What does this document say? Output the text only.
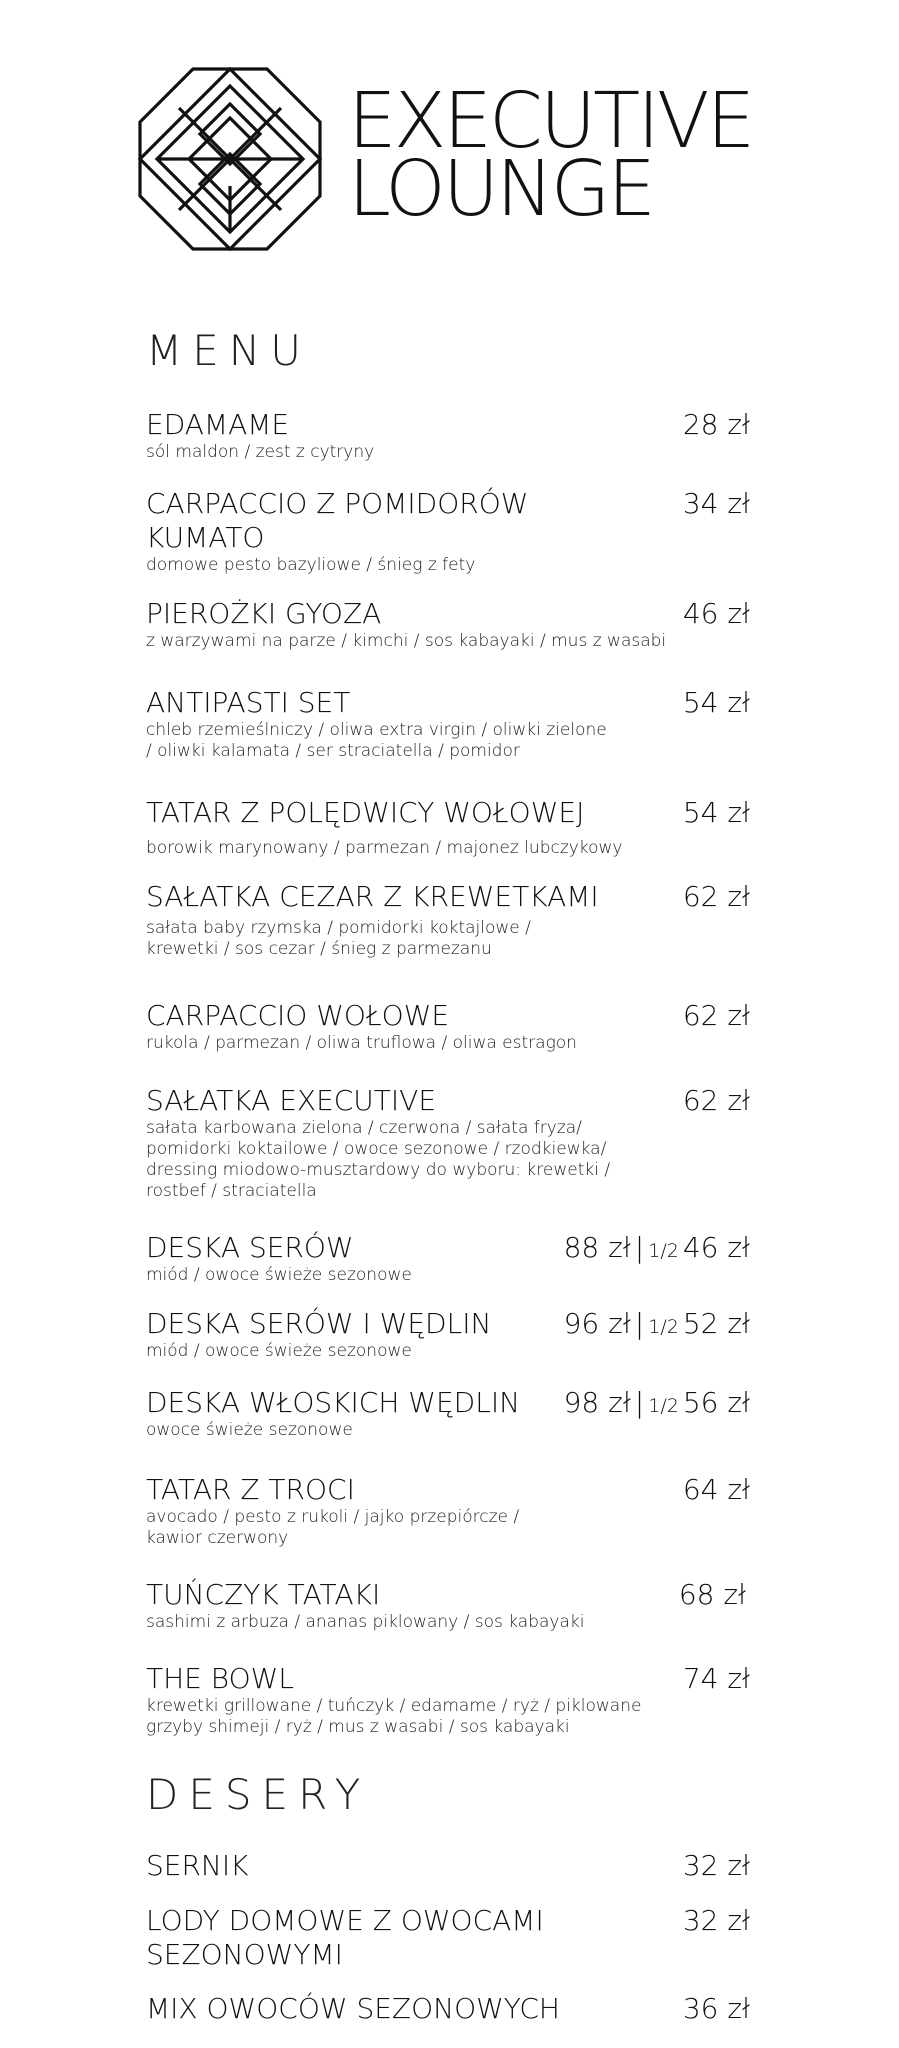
EXECUTIVE
LOUNGE
MENU
EDAMAME
sól maldon / zest z cytryny
28 zł
CARPACCIO Z POMIDORÓW KUMATO
domowe pesto bazyliowe / śnieg z fety
34 zł
PIEROŻKI GYOZA
z warzywami na parze / kimchi / sos kabayaki / mus z wasabi
46 zł
ANTIPASTI SET
chleb rzemieślniczy / oliwa extra virgin / oliwki zielone / oliwki kalamata / ser straciatella / pomidor
54 zł
TATAR Z POLĘDWICY WOŁOWEJ
borowik marynowany / parmezan / majonez lubczykowy
54 zł
SAŁATKA CEZAR Z KREWETKAMI
sałata baby rzymska / pomidorki koktajlowe / krewetki / sos cezar / śnieg z parmezanu
62 zł
CARPACCIO WOŁOWE
rukola / parmezan / oliwa truflowa / oliwa estragon
62 zł
SAŁATKA EXECUTIVE
sałata karbowana zielona / czerwona / sałata fryza/ pomidorki koktailowe / owoce sezonowe / rzodkiewka/ dressing miodowo-musztardowy do wyboru: krewetki / rostbef / straciatella
62 zł
DESKA SERÓW
miód / owoce świeże sezonowe
88 zł | 1/2 46 zł
DESKA SERÓW I WĘDLIN
miód / owoce świeże sezonowe
96 zł | 1/2 52 zł
DESKA WŁOSKICH WĘDLIN
owoce świeże sezonowe
98 zł | 1/2 56 zł
TATAR Z TROCI
avocado / pesto z rukoli / jajko przepiórcze / kawior czerwony
64 zł
TUŃCZYK TATAKI
sashimi z arbuza / ananas piklowany / sos kabayaki
68 zł
THE BOWL
krewetki grillowane / tuńczyk / edamame / ryż / piklowane grzyby shimeji / ryż / mus z wasabi / sos kabayaki
74 zł
DESERY
SERNIK	32 zł
LODY DOMOWE Z OWOCAMI SEZONOWYMI
32 zł
MIX OWOCÓW SEZONOWYCH	36 zł
